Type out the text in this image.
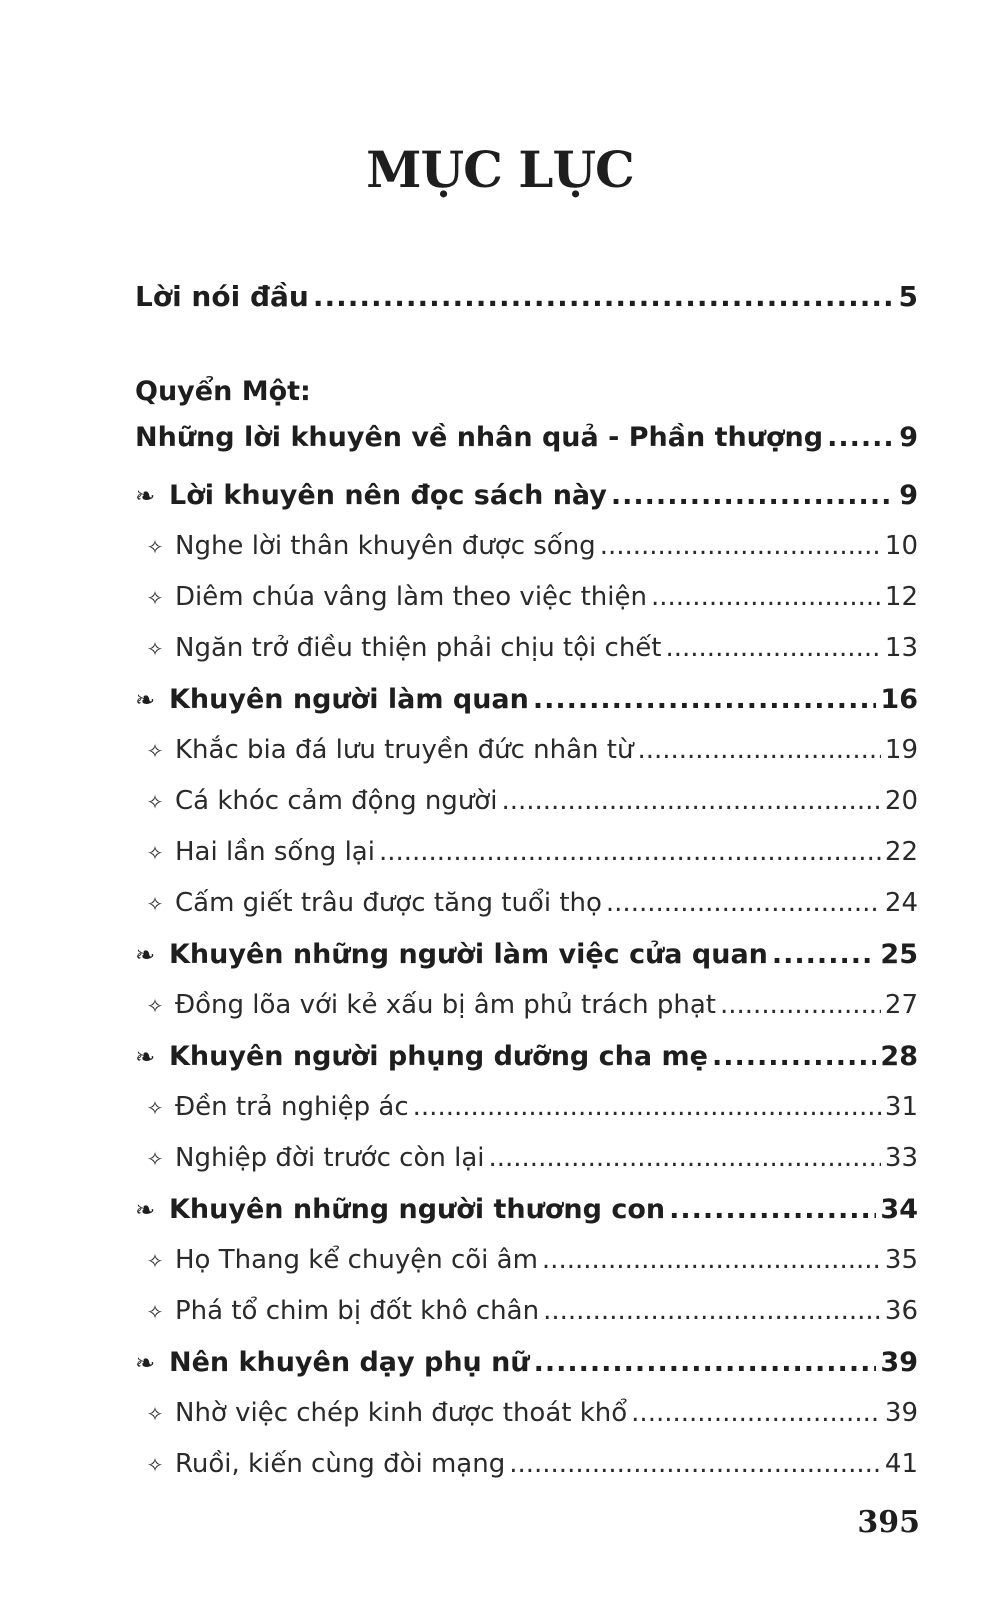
MỤC LỤC
Lời nói đầu .....	5
Quyển Một:
Những lời khuyên về nhân quả - Phần thượng .....	9
❧ Lời khuyên nên đọc sách này .....	9
✧ Nghe lời thân khuyên được sống .....	10
✧ Diêm chúa vâng làm theo việc thiện .....	12
✧ Ngăn trở điều thiện phải chịu tội chết .....	13
❧ Khuyên người làm quan .....	16
✧ Khắc bia đá lưu truyền đức nhân từ .....	19
✧ Cá khóc cảm động người .....	20
✧ Hai lần sống lại .....	22
✧ Cấm giết trâu được tăng tuổi thọ .....	24
❧ Khuyên những người làm việc cửa quan .....	25
✧ Đồng lõa với kẻ xấu bị âm phủ trách phạt .....	27
❧ Khuyên người phụng dưỡng cha mẹ .....	28
✧ Đền trả nghiệp ác .....	31
✧ Nghiệp đời trước còn lại .....	33
❧ Khuyên những người thương con .....	34
✧ Họ Thang kể chuyện cõi âm .....	35
✧ Phá tổ chim bị đốt khô chân .....	36
❧ Nên khuyên dạy phụ nữ .....	39
✧ Nhờ việc chép kinh được thoát khổ .....	39
✧ Ruồi, kiến cùng đòi mạng .....	41
395
